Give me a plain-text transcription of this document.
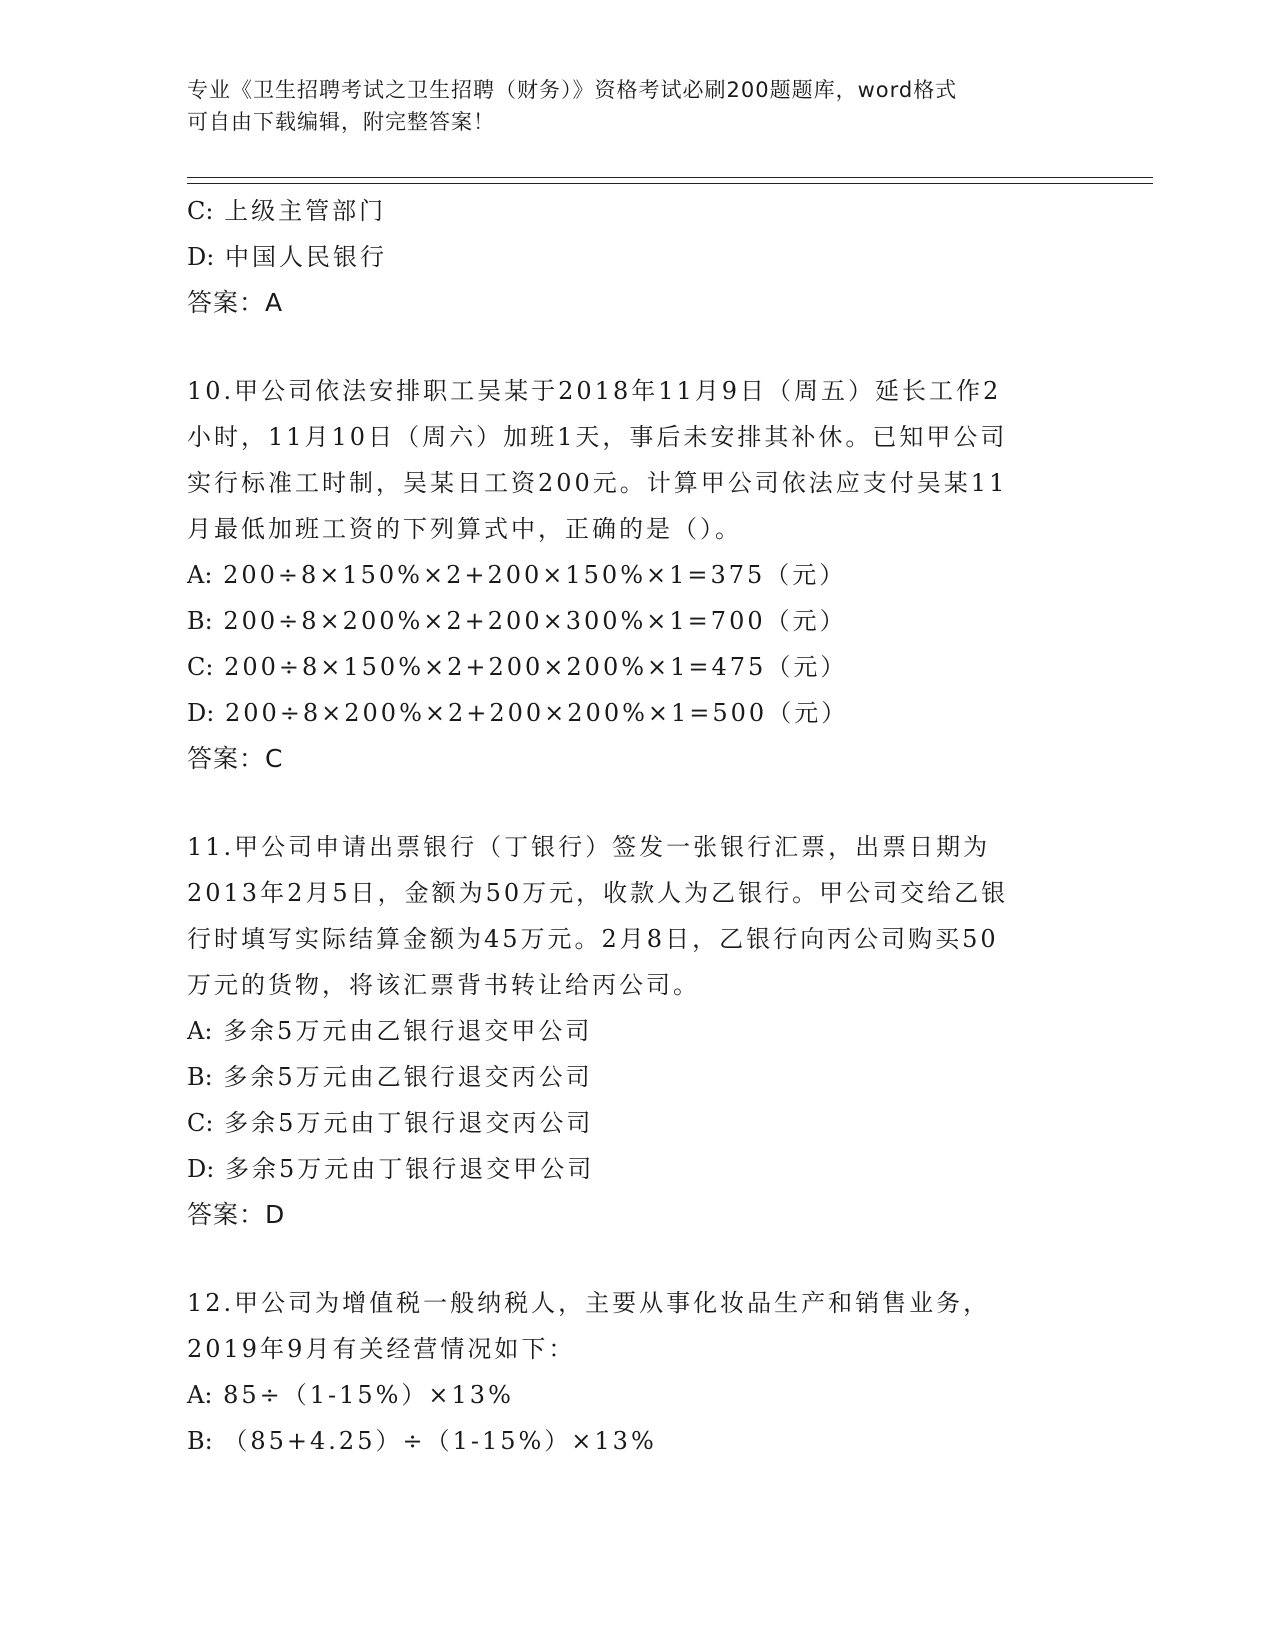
专业《卫生招聘考试之卫生招聘（财务）》资格考试必刷200题题库，word格式

可自由下载编辑，附完整答案！

C: 上级主管部门
D: 中国人民银行
答案：A
10.甲公司依法安排职工吴某于2018年11月9日（周五）延长工作2
小时，11月10日（周六）加班1天，事后未安排其补休。已知甲公司
实行标准工时制，吴某日工资200元。计算甲公司依法应支付吴某11
月最低加班工资的下列算式中，正确的是（）。
A: 200÷8×150%×2+200×150%×1=375（元）
B: 200÷8×200%×2+200×300%×1=700（元）
C: 200÷8×150%×2+200×200%×1=475（元）
D: 200÷8×200%×2+200×200%×1=500（元）
答案：C
11.甲公司申请出票银行（丁银行）签发一张银行汇票，出票日期为
2013年2月5日，金额为50万元，收款人为乙银行。甲公司交给乙银
行时填写实际结算金额为45万元。2月8日，乙银行向丙公司购买50
万元的货物，将该汇票背书转让给丙公司。
A: 多余5万元由乙银行退交甲公司
B: 多余5万元由乙银行退交丙公司
C: 多余5万元由丁银行退交丙公司
D: 多余5万元由丁银行退交甲公司
答案：D
12.甲公司为增值税一般纳税人，主要从事化妆品生产和销售业务，
2019年9月有关经营情况如下：
A: 85÷（1-15%）×13%
B: （85+4.25）÷（1-15%）×13%
